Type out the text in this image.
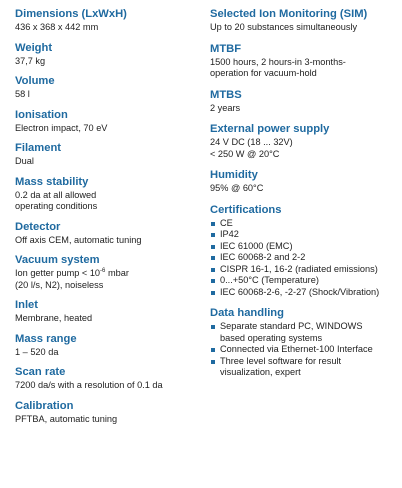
Dimensions (LxWxH)
436 x 368 x 442 mm
Weight
37,7 kg
Volume
58 l
Ionisation
Electron impact, 70 eV
Filament
Dual
Mass stability
0.2 da at all allowed
operating conditions
Detector
Off axis CEM, automatic tuning
Vacuum system
Ion getter pump < $10^{-6}$ mbar
(20 l/s, N2), noiseless
Inlet
Membrane, heated
Mass range
1 – 520 da
Scan rate
7200 da/s with a resolution of 0.1 da
Calibration
PFTBA, automatic tuning
Selected Ion Monitoring (SIM)
Up to 20 substances simultaneously
MTBF
1500 hours, 2 hours-in 3-months-
operation for vacuum-hold
MTBS
2 years
External power supply
24 V DC (18 ... 32V)
< 250 W @ 20°C
Humidity
95% @ 60°C
Certifications
CE
IP42
IEC 61000 (EMC)
IEC 60068-2 and 2-2
CISPR 16-1, 16-2 (radiated emissions)
0...+50°C (Temperature)
IEC 60068-2-6, -2-27 (Shock/Vibration)
Data handling
Separate standard PC, WINDOWS
based operating systems
Connected via Ethernet-100 Interface
Three level software for result
visualization, expert
